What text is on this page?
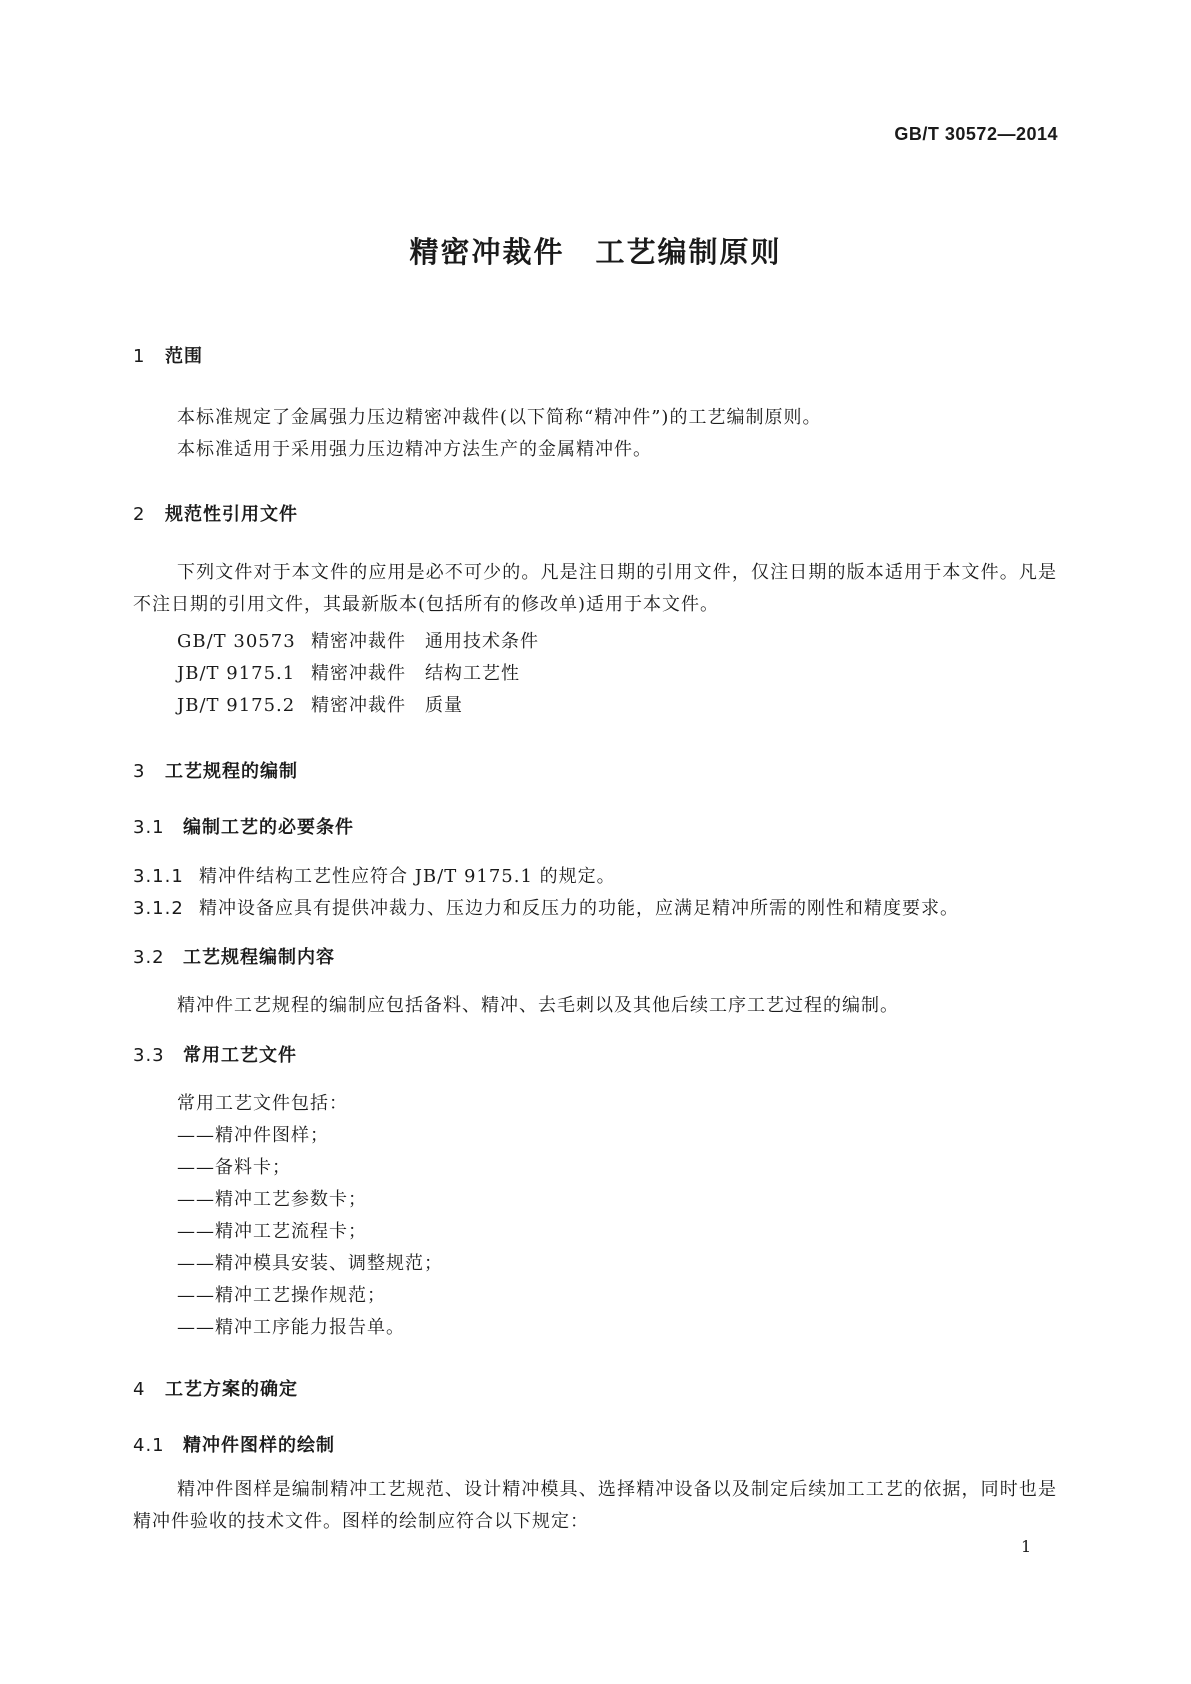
GB/T 30572—2014
精密冲裁件　工艺编制原则
1 范围
本标准规定了金属强力压边精密冲裁件(以下简称“精冲件”)的工艺编制原则。
本标准适用于采用强力压边精冲方法生产的金属精冲件。
2 规范性引用文件
下列文件对于本文件的应用是必不可少的。凡是注日期的引用文件，仅注日期的版本适用于本文件。凡是不注日期的引用文件，其最新版本(包括所有的修改单)适用于本文件。
GB/T 30573 精密冲裁件　通用技术条件
JB/T 9175.1 精密冲裁件　结构工艺性
JB/T 9175.2 精密冲裁件　质量
3 工艺规程的编制
3.1 编制工艺的必要条件
3.1.1 精冲件结构工艺性应符合 JB/T 9175.1 的规定。
3.1.2 精冲设备应具有提供冲裁力、压边力和反压力的功能，应满足精冲所需的刚性和精度要求。
3.2 工艺规程编制内容
精冲件工艺规程的编制应包括备料、精冲、去毛刺以及其他后续工序工艺过程的编制。
3.3 常用工艺文件
常用工艺文件包括：
——精冲件图样；
——备料卡；
——精冲工艺参数卡；
——精冲工艺流程卡；
——精冲模具安装、调整规范；
——精冲工艺操作规范；
——精冲工序能力报告单。
4 工艺方案的确定
4.1 精冲件图样的绘制
精冲件图样是编制精冲工艺规范、设计精冲模具、选择精冲设备以及制定后续加工工艺的依据，同时也是精冲件验收的技术文件。图样的绘制应符合以下规定：
1
